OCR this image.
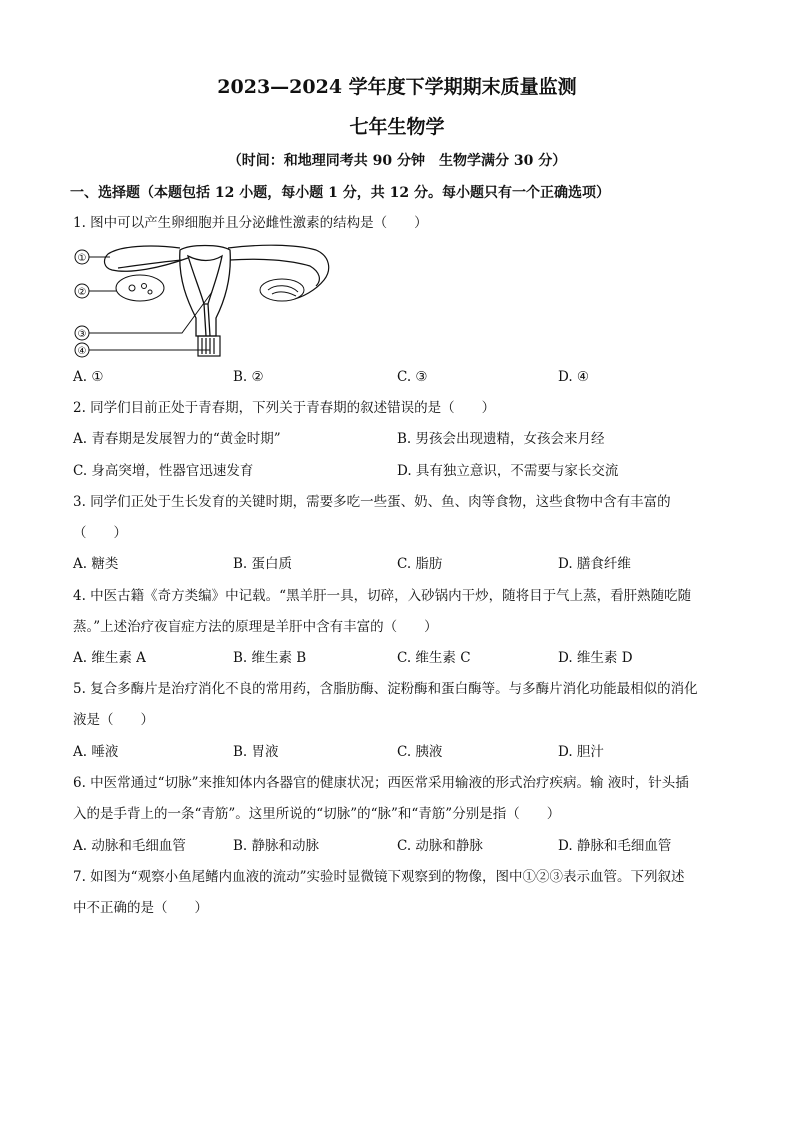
2023—2024 学年度下学期期末质量监测
七年生物学
（时间：和地理同考共 90 分钟　生物学满分 30 分）
一、选择题（本题包括 12 小题，每小题 1 分，共 12 分。每小题只有一个正确选项）
1. 图中可以产生卵细胞并且分泌雌性激素的结构是（　　）
①
②
③
④
A. ①	B. ②	C. ③	D. ④
2. 同学们目前正处于青春期，下列关于青春期的叙述错误的是（　　）
A. 青春期是发展智力的“黄金时期”	B. 男孩会出现遗精，女孩会来月经
C. 身高突增，性器官迅速发育	D. 具有独立意识，不需要与家长交流
3. 同学们正处于生长发育的关键时期，需要多吃一些蛋、奶、鱼、肉等食物，这些食物中含有丰富的
（　　）
A. 糖类	B. 蛋白质	C. 脂肪	D. 膳食纤维
4. 中医古籍《奇方类编》中记载。“黑羊肝一具，切碎，入砂锅内干炒，随将目于气上蒸，看肝熟随吃随
蒸。”上述治疗夜盲症方法的原理是羊肝中含有丰富的（　　）
A. 维生素 A	B. 维生素 B	C. 维生素 C	D. 维生素 D
5. 复合多酶片是治疗消化不良的常用药，含脂肪酶、淀粉酶和蛋白酶等。与多酶片消化功能最相似的消化
液是（　　）
A. 唾液	B. 胃液	C. 胰液	D. 胆汁
6. 中医常通过“切脉”来推知体内各器官的健康状况；西医常采用输液的形式治疗疾病。输 液时，针头插
入的是手背上的一条“青筋”。这里所说的“切脉”的“脉”和“青筋”分别是指（　　）
A. 动脉和毛细血管	B. 静脉和动脉	C. 动脉和静脉	D. 静脉和毛细血管
7. 如图为“观察小鱼尾鳍内血液的流动”实验时显微镜下观察到的物像，图中①②③表示血管。下列叙述
中不正确的是（　　）
